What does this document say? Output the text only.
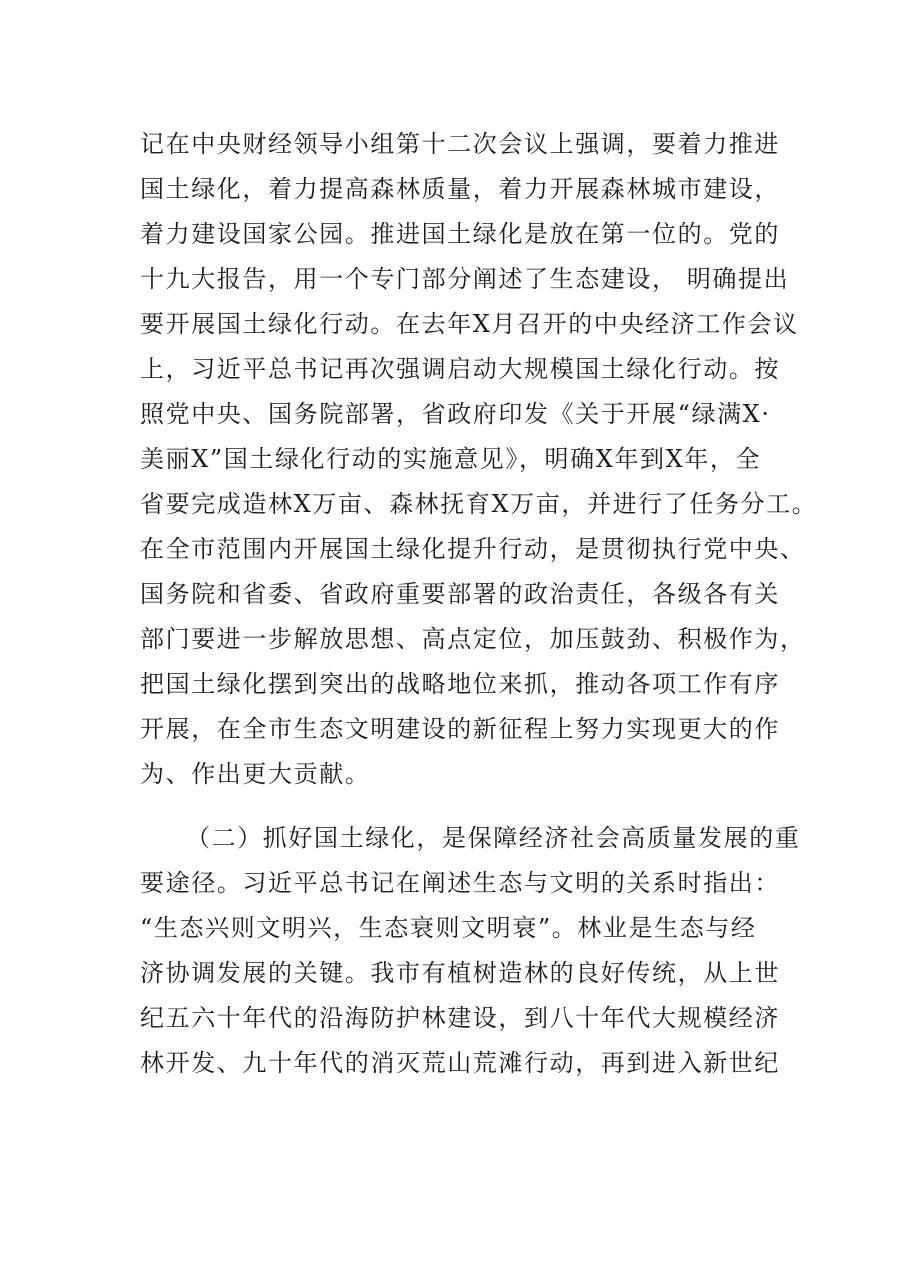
记在中央财经领导小组第十二次会议上强调，要着力推进

国土绿化，着力提高森林质量，着力开展森林城市建设，

着力建设国家公园。推进国土绿化是放在第一位的。党的

十九大报告，用一个专门部分阐述了生态建设， 明确提出

要开展国土绿化行动。在去年X月召开的中央经济工作会议

上，习近平总书记再次强调启动大规模国土绿化行动。按

照党中央、国务院部署，省政府印发《关于开展“绿满X·

美丽X”国土绿化行动的实施意见》，明确X年到X年，全

省要完成造林X万亩、森林抚育X万亩，并进行了任务分工。

在全市范围内开展国土绿化提升行动，是贯彻执行党中央、

国务院和省委、省政府重要部署的政治责任，各级各有关

部门要进一步解放思想、高点定位，加压鼓劲、积极作为，

把国土绿化摆到突出的战略地位来抓，推动各项工作有序

开展，在全市生态文明建设的新征程上努力实现更大的作

为、作出更大贡献。

（二）抓好国土绿化，是保障经济社会高质量发展的重

要途径。习近平总书记在阐述生态与文明的关系时指出：

“生态兴则文明兴，生态衰则文明衰”。林业是生态与经

济协调发展的关键。我市有植树造林的良好传统，从上世

纪五六十年代的沿海防护林建设，到八十年代大规模经济

林开发、九十年代的消灭荒山荒滩行动，再到进入新世纪
